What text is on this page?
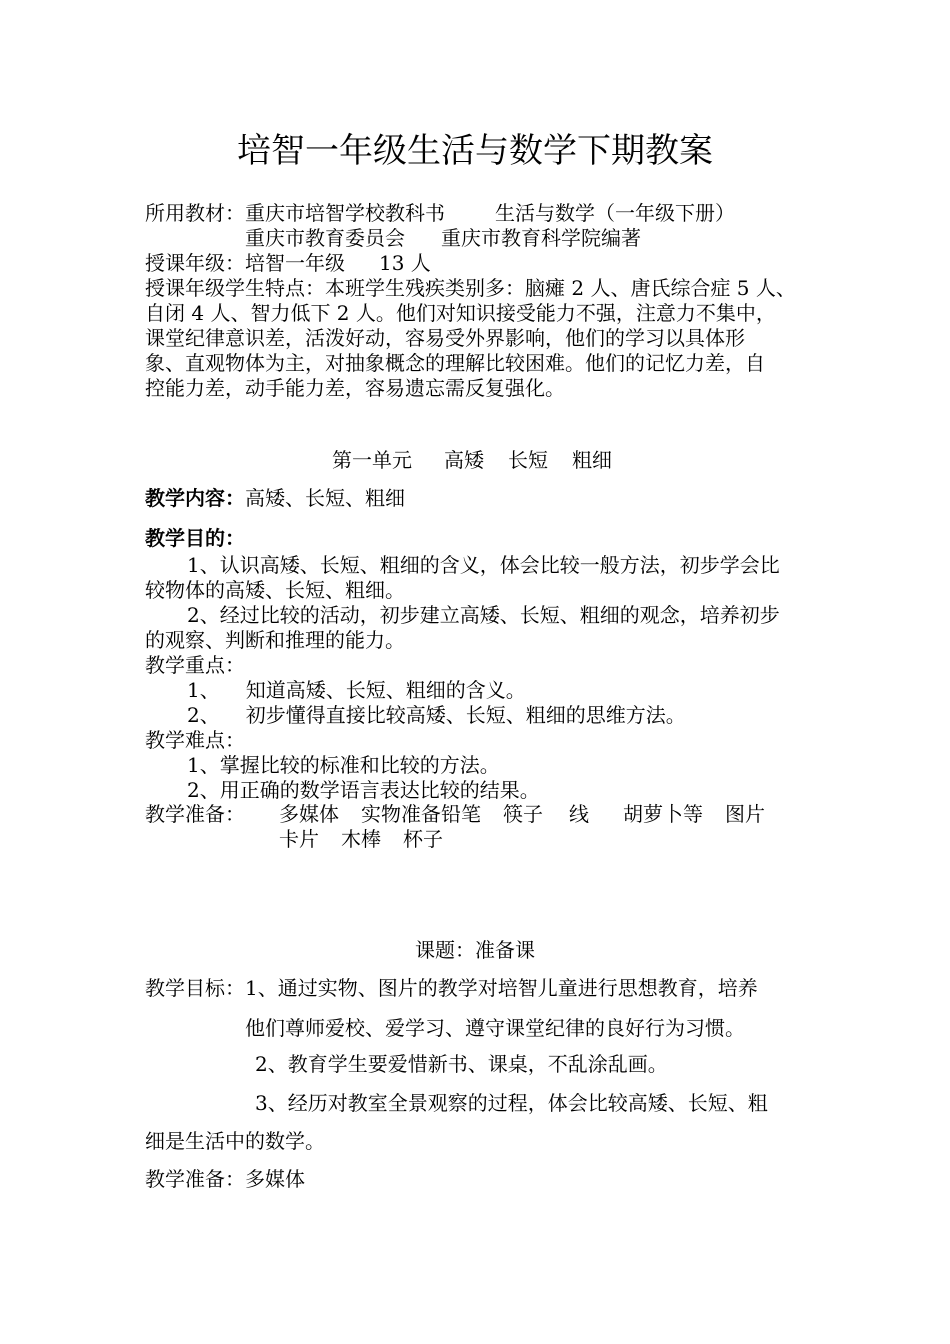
培智一年级生活与数学下期教案
所用教材：重庆市培智学校教科书	生活与数学（一年级下册）
重庆市教育委员会 重庆市教育科学院编著
授课年级：培智一年级 13 人
授课年级学生特点：本班学生残疾类别多：脑瘫 2 人、唐氏综合症 5 人、
自闭 4 人、智力低下 2 人。他们对知识接受能力不强，注意力不集中，
课堂纪律意识差，活泼好动，容易受外界影响，他们的学习以具体形
象、直观物体为主，对抽象概念的理解比较困难。他们的记忆力差，自
控能力差，动手能力差，容易遗忘需反复强化。
第一单元 高矮 长短 粗细
教学内容：高矮、长短、粗细
教学目的：
1、认识高矮、长短、粗细的含义，体会比较一般方法，初步学会比
较物体的高矮、长短、粗细。
2、经过比较的活动，初步建立高矮、长短、粗细的观念，培养初步
的观察、判断和推理的能力。
教学重点：
1、 知道高矮、长短、粗细的含义。
2、 初步懂得直接比较高矮、长短、粗细的思维方法。
教学难点：
1、掌握比较的标准和比较的方法。
2、用正确的数学语言表达比较的结果。
教学准备： 多媒体 实物准备铅笔 筷子 线 胡萝卜等 图片
卡片 木棒 杯子
课题：准备课
教学目标：1、通过实物、图片的教学对培智儿童进行思想教育，培养
他们尊师爱校、爱学习、遵守课堂纪律的良好行为习惯。
2、教育学生要爱惜新书、课桌，不乱涂乱画。
3、经历对教室全景观察的过程，体会比较高矮、长短、粗
细是生活中的数学。
教学准备：多媒体
